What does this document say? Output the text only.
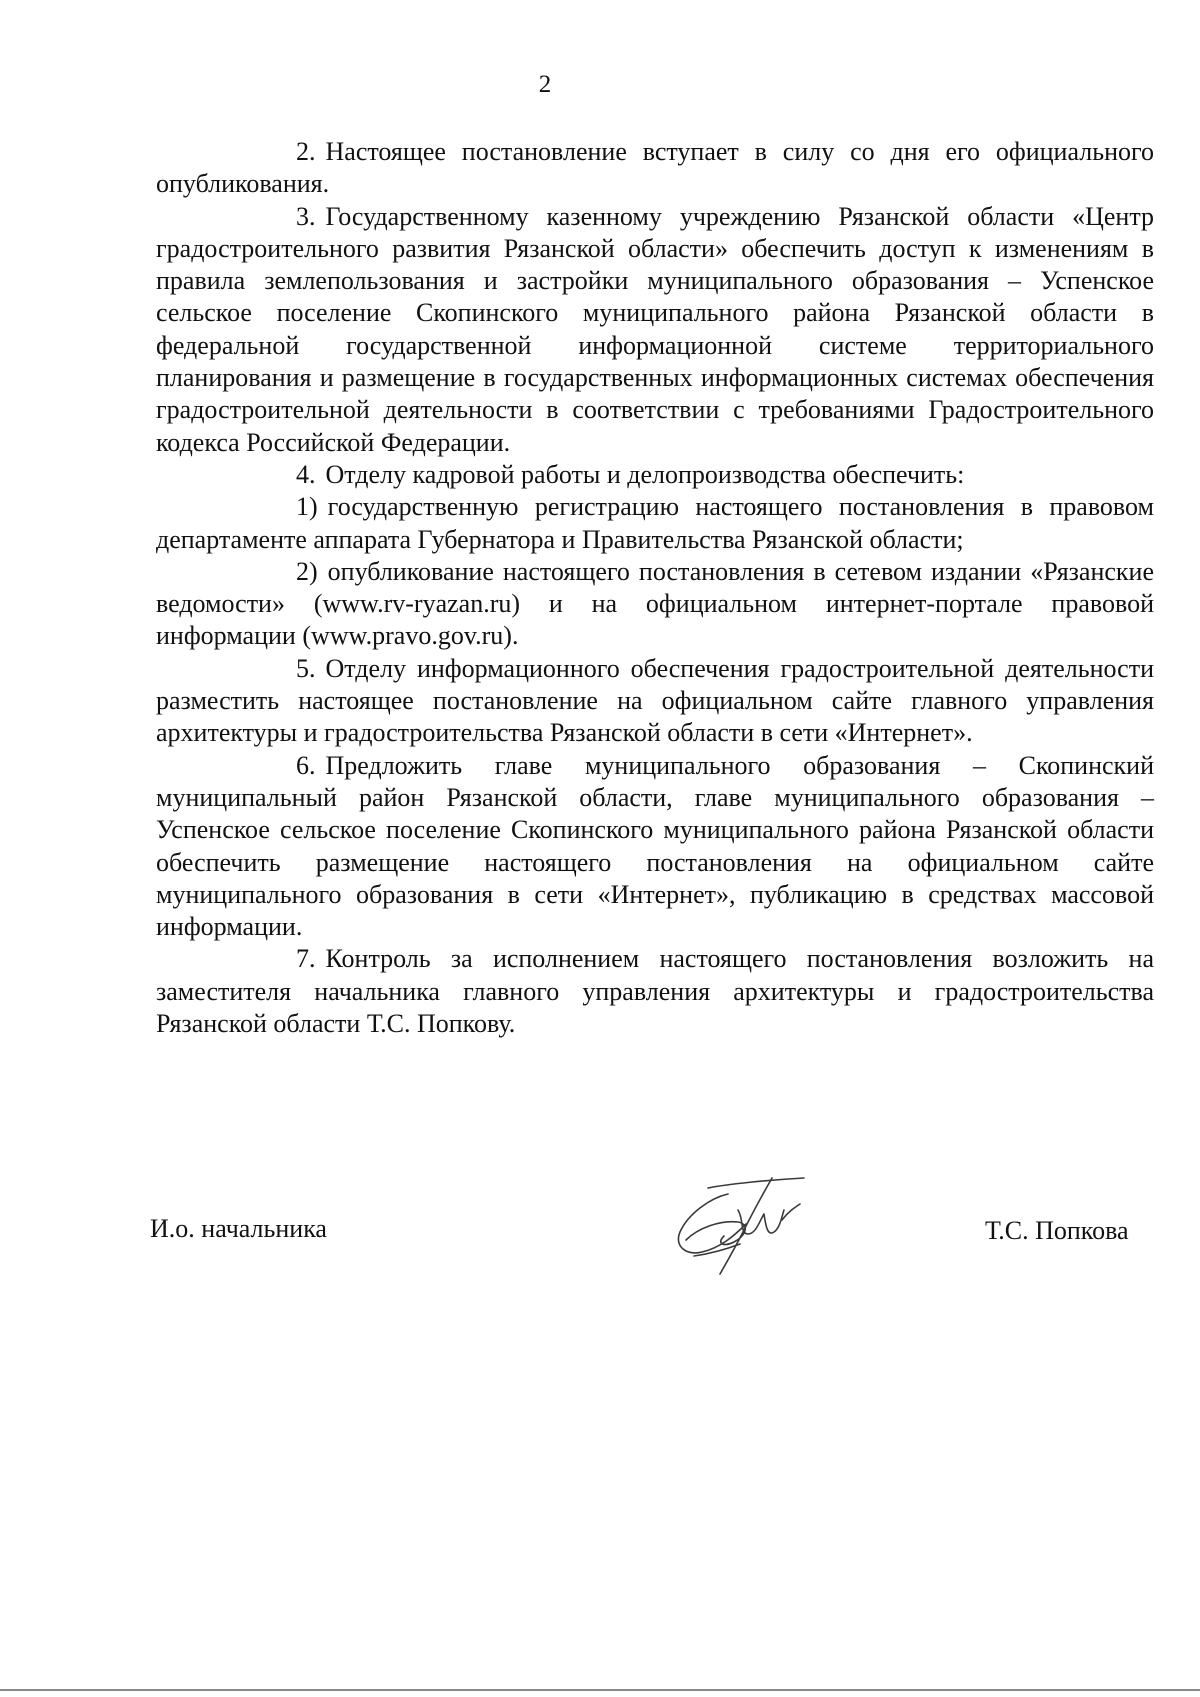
2

2. Настоящее постановление вступает в силу со дня его официального опубликования.

3. Государственному казенному учреждению Рязанской области «Центр градостроительного развития Рязанской области» обеспечить доступ к изменениям в правила землепользования и застройки муниципального образования – Успенское сельское поселение Скопинского муниципального района Рязанской области в федеральной государственной информационной системе территориального планирования и размещение в государственных информационных системах обеспечения градостроительной деятельности в соответствии с требованиями Градостроительного кодекса Российской Федерации.

4. Отделу кадровой работы и делопроизводства обеспечить:

1) государственную регистрацию настоящего постановления в правовом департаменте аппарата Губернатора и Правительства Рязанской области;

2) опубликование настоящего постановления в сетевом издании «Рязанские ведомости» (www.rv-ryazan.ru) и на официальном интернет-портале правовой информации (www.pravo.gov.ru).

5. Отделу информационного обеспечения градостроительной деятельности разместить настоящее постановление на официальном сайте главного управления архитектуры и градостроительства Рязанской области в сети «Интернет».

6. Предложить главе муниципального образования – Скопинский муниципальный район Рязанской области, главе муниципального образования – Успенское сельское поселение Скопинского муниципального района Рязанской области обеспечить размещение настоящего постановления на официальном сайте муниципального образования в сети «Интернет», публикацию в средствах массовой информации.

7. Контроль за исполнением настоящего постановления возложить на заместителя начальника главного управления архитектуры и градостроительства Рязанской области Т.С. Попкову.

И.о. начальника	Т.С. Попкова
